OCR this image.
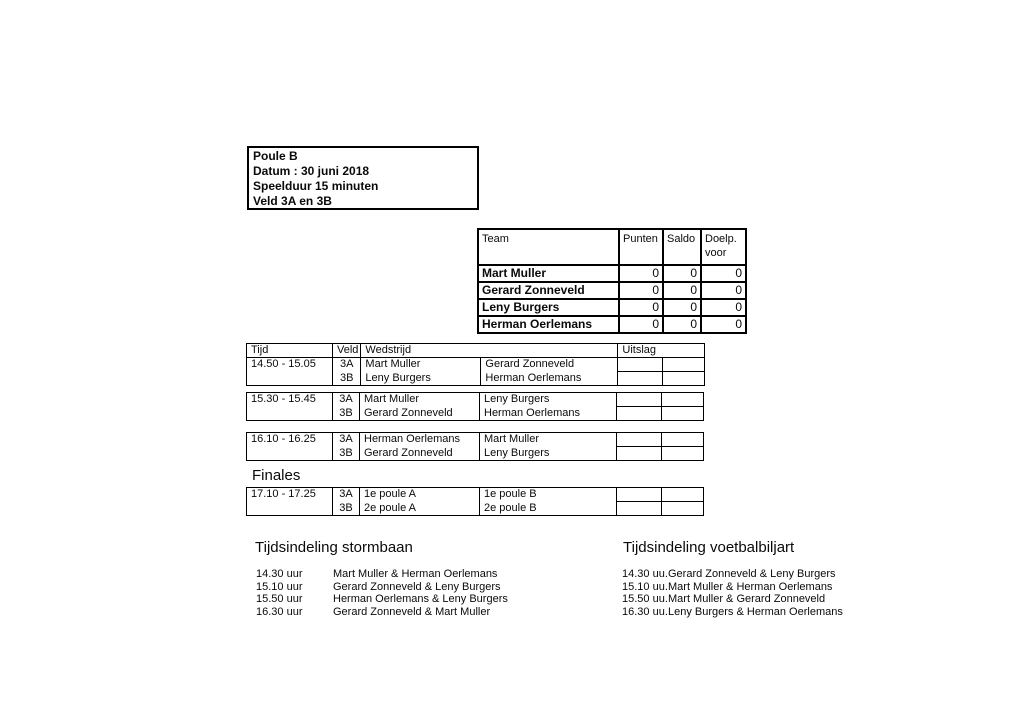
Poule B
Datum : 30 juni 2018
Speelduur 15 minuten
Veld 3A en 3B
Team	Punten	Saldo	Doelp.
voor

Mart Muller	0	0	0
Gerard Zonneveld	0	0	0
Leny Burgers	0	0	0
Herman Oerlemans	0	0	0
Tijd	Veld	Wedstrijd		Uitslag	
14.50 - 15.05	3A	Mart Muller	Gerard Zonneveld		
	3B	Leny Burgers	Herman Oerlemans		
15.30 - 15.45	3A	Mart Muller	Leny Burgers		
	3B	Gerard Zonneveld	Herman Oerlemans		
16.10 - 16.25	3A	Herman Oerlemans	Mart Muller		
	3B	Gerard Zonneveld	Leny Burgers		
Finales
17.10 - 17.25	3A	1e poule A	1e poule B		
	3B	2e poule A	2e poule B		
Tijdsindeling stormbaan
14.30 uur	Mart Muller & Herman Oerlemans
15.10 uur	Gerard Zonneveld & Leny Burgers
15.50 uur	Herman Oerlemans & Leny Burgers
16.30 uur	Gerard Zonneveld & Mart Muller
Tijdsindeling voetbalbiljart
14.30 uu. Gerard Zonneveld & Leny Burgers
15.10 uu. Mart Muller & Herman Oerlemans
15.50 uu. Mart Muller & Gerard Zonneveld
16.30 uu. Leny Burgers & Herman Oerlemans
